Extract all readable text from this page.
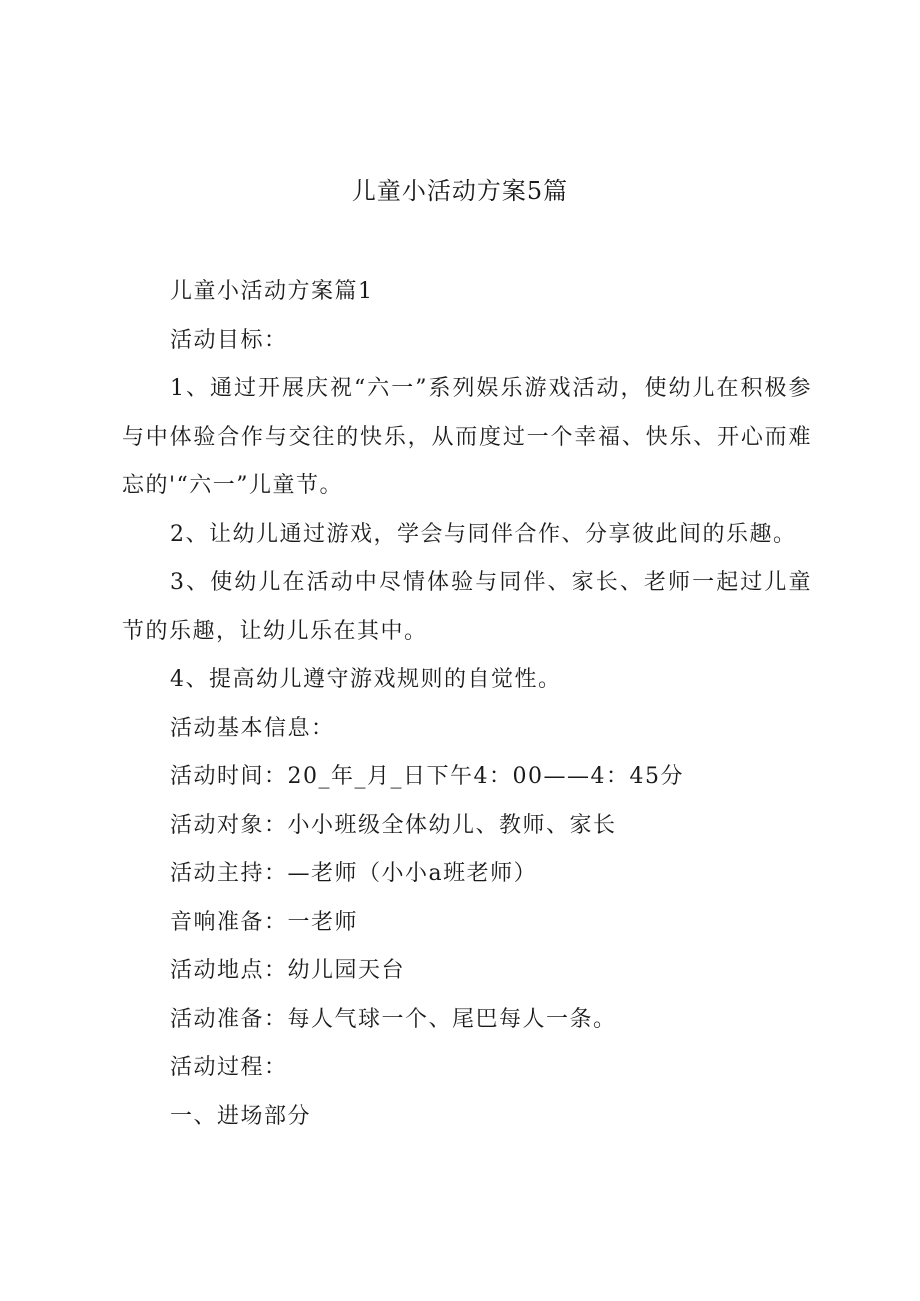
儿童小活动方案5篇

儿童小活动方案篇1

活动目标：

1、通过开展庆祝“六一”系列娱乐游戏活动，使幼儿在积极参与中体验合作与交往的快乐，从而度过一个幸福、快乐、开心而难忘的'“六一”儿童节。

2、让幼儿通过游戏，学会与同伴合作、分享彼此间的乐趣。

3、使幼儿在活动中尽情体验与同伴、家长、老师一起过儿童节的乐趣，让幼儿乐在其中。

4、提高幼儿遵守游戏规则的自觉性。

活动基本信息：

活动时间：20_年_月_日下午4：00——4：45分

活动对象：小小班级全体幼儿、教师、家长

活动主持：—老师（小小a班老师）

音响准备：一老师

活动地点：幼儿园天台

活动准备：每人气球一个、尾巴每人一条。

活动过程：

一、进场部分
